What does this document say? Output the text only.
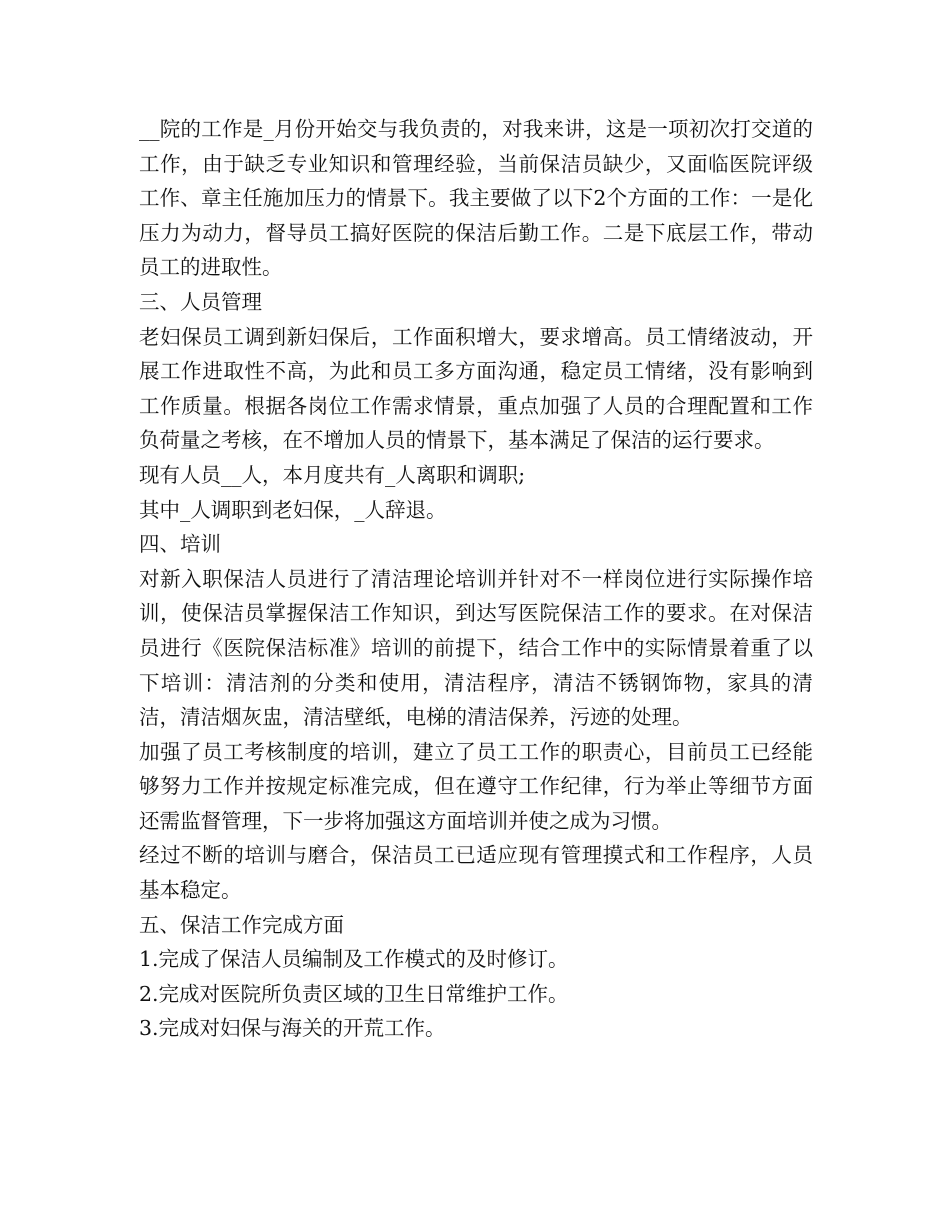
__院的工作是_月份开始交与我负责的，对我来讲，这是一项初次打交道的工作，由于缺乏专业知识和管理经验，当前保洁员缺少，又面临医院评级工作、章主任施加压力的情景下。我主要做了以下2个方面的工作：一是化压力为动力，督导员工搞好医院的保洁后勤工作。二是下底层工作，带动员工的进取性。

三、人员管理

老妇保员工调到新妇保后，工作面积增大，要求增高。员工情绪波动，开展工作进取性不高，为此和员工多方面沟通，稳定员工情绪，没有影响到工作质量。根据各岗位工作需求情景，重点加强了人员的合理配置和工作负荷量之考核，在不增加人员的情景下，基本满足了保洁的运行要求。

现有人员__人，本月度共有_人离职和调职;

其中_人调职到老妇保，_人辞退。

四、培训

对新入职保洁人员进行了清洁理论培训并针对不一样岗位进行实际操作培训，使保洁员掌握保洁工作知识，到达写医院保洁工作的要求。在对保洁员进行《医院保洁标准》培训的前提下，结合工作中的实际情景着重了以下培训：清洁剂的分类和使用，清洁程序，清洁不锈钢饰物，家具的清洁，清洁烟灰盅，清洁壁纸，电梯的清洁保养，污迹的处理。

加强了员工考核制度的培训，建立了员工工作的职责心，目前员工已经能够努力工作并按规定标准完成，但在遵守工作纪律，行为举止等细节方面还需监督管理，下一步将加强这方面培训并使之成为习惯。

经过不断的培训与磨合，保洁员工已适应现有管理摸式和工作程序，人员基本稳定。

五、保洁工作完成方面

1.完成了保洁人员编制及工作模式的及时修订。

2.完成对医院所负责区域的卫生日常维护工作。

3.完成对妇保与海关的开荒工作。
